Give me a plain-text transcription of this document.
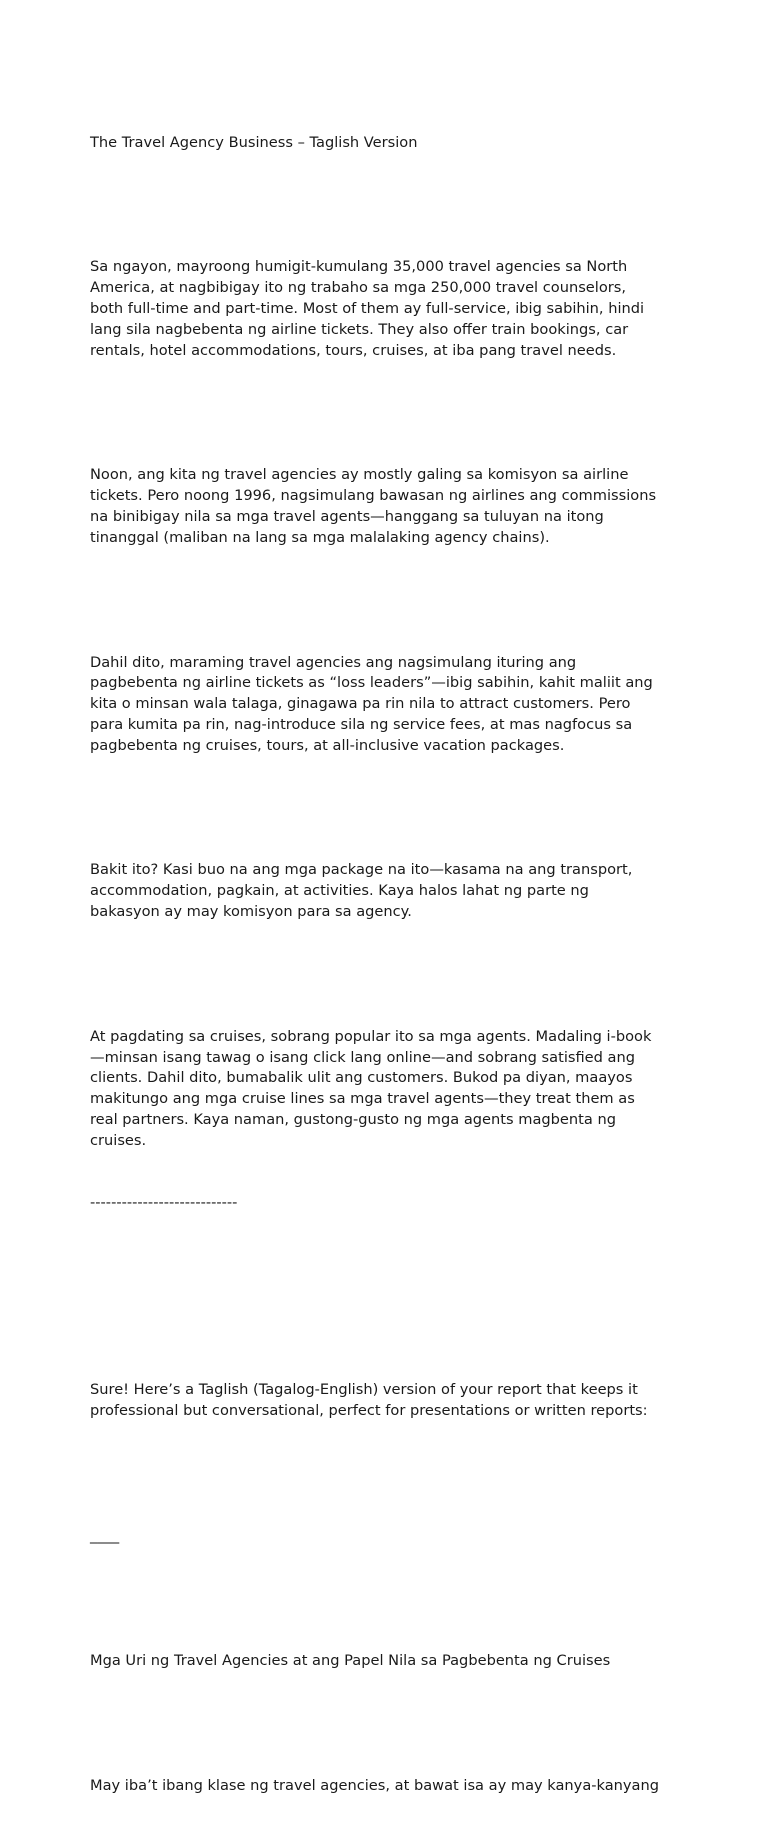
The Travel Agency Business – Taglish Version

Sa ngayon, mayroong humigit-kumulang 35,000 travel agencies sa North
America, at nagbibigay ito ng trabaho sa mga 250,000 travel counselors,
both full-time and part-time. Most of them ay full-service, ibig sabihin, hindi
lang sila nagbebenta ng airline tickets. They also offer train bookings, car
rentals, hotel accommodations, tours, cruises, at iba pang travel needs.

Noon, ang kita ng travel agencies ay mostly galing sa komisyon sa airline
tickets. Pero noong 1996, nagsimulang bawasan ng airlines ang commissions
na binibigay nila sa mga travel agents—hanggang sa tuluyan na itong
tinanggal (maliban na lang sa mga malalaking agency chains).

Dahil dito, maraming travel agencies ang nagsimulang ituring ang
pagbebenta ng airline tickets as “loss leaders”—ibig sabihin, kahit maliit ang
kita o minsan wala talaga, ginagawa pa rin nila to attract customers. Pero
para kumita pa rin, nag-introduce sila ng service fees, at mas nagfocus sa
pagbebenta ng cruises, tours, at all-inclusive vacation packages.

Bakit ito? Kasi buo na ang mga package na ito—kasama na ang transport,
accommodation, pagkain, at activities. Kaya halos lahat ng parte ng
bakasyon ay may komisyon para sa agency.

At pagdating sa cruises, sobrang popular ito sa mga agents. Madaling i-book
—minsan isang tawag o isang click lang online—and sobrang satisfied ang
clients. Dahil dito, bumabalik ulit ang customers. Bukod pa diyan, maayos
makitungo ang mga cruise lines sa mga travel agents—they treat them as
real partners. Kaya naman, gustong-gusto ng mga agents magbenta ng
cruises.

----------------------------

Sure! Here’s a Taglish (Tagalog-English) version of your report that keeps it
professional but conversational, perfect for presentations or written reports:

____

Mga Uri ng Travel Agencies at ang Papel Nila sa Pagbebenta ng Cruises

May iba’t ibang klase ng travel agencies, at bawat isa ay may kanya-kanyang
